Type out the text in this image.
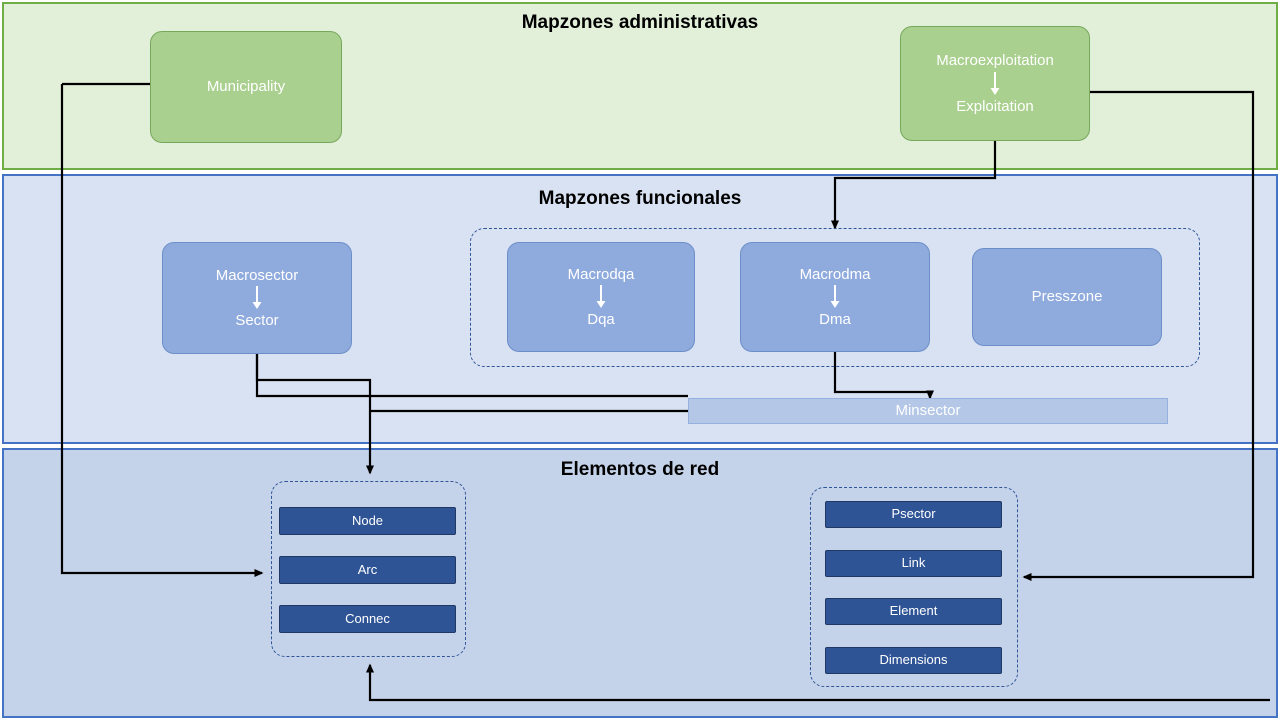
Mapzones administrativas
Mapzones funcionales
Elementos de red
Municipality
Macroexploitation
Exploitation
Macrosector
Sector
Macrodqa
Dqa
Macrodma
Dma
Presszone
Minsector
Node
Arc
Connec
Psector
Link
Element
Dimensions
